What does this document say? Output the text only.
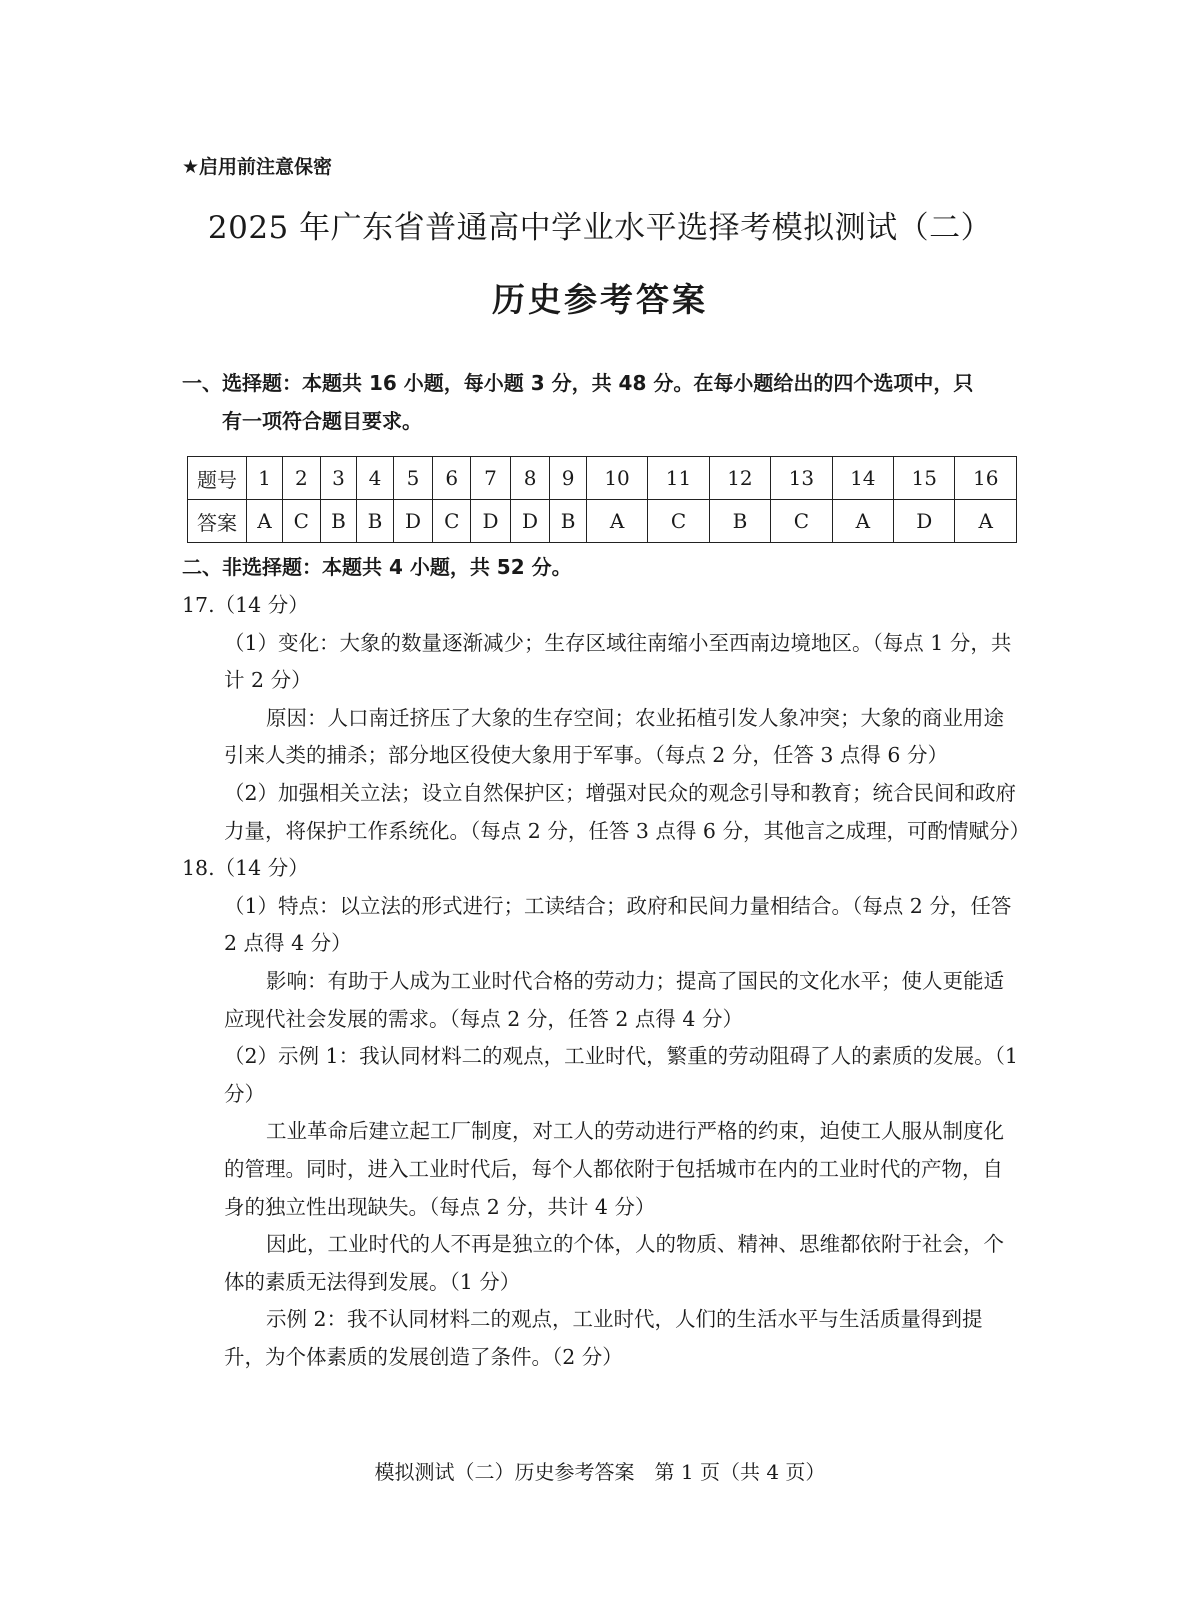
★启用前注意保密
2025 年广东省普通高中学业水平选择考模拟测试（二）
历史参考答案
一、选择题：本题共 16 小题，每小题 3 分，共 48 分。在每小题给出的四个选项中，只
有一项符合题目要求。
题号	1	2	3	4	5	6	7	8	9	10	11	12	13	14	15	16
答案	A	C	B	B	D	C	D	D	B	A	C	B	C	A	D	A
二、非选择题：本题共 4 小题，共 52 分。

17.（14 分）

（1）变化：大象的数量逐渐减少；生存区域往南缩小至西南边境地区。（每点 1 分，共计 2 分）

原因：人口南迁挤压了大象的生存空间；农业拓植引发人象冲突；大象的商业用途引来人类的捕杀；部分地区役使大象用于军事。（每点 2 分，任答 3 点得 6 分）

（2）加强相关立法；设立自然保护区；增强对民众的观念引导和教育；统合民间和政府力量，将保护工作系统化。（每点 2 分，任答 3 点得 6 分，其他言之成理，可酌情赋分）

18.（14 分）

（1）特点：以立法的形式进行；工读结合；政府和民间力量相结合。（每点 2 分，任答 2 点得 4 分）

影响：有助于人成为工业时代合格的劳动力；提高了国民的文化水平；使人更能适应现代社会发展的需求。（每点 2 分，任答 2 点得 4 分）

（2）示例 1：我认同材料二的观点，工业时代，繁重的劳动阻碍了人的素质的发展。（1 分）

工业革命后建立起工厂制度，对工人的劳动进行严格的约束，迫使工人服从制度化的管理。同时，进入工业时代后，每个人都依附于包括城市在内的工业时代的产物，自身的独立性出现缺失。（每点 2 分，共计 4 分）

因此，工业时代的人不再是独立的个体，人的物质、精神、思维都依附于社会，个体的素质无法得到发展。（1 分）

示例 2：我不认同材料二的观点，工业时代，人们的生活水平与生活质量得到提升，为个体素质的发展创造了条件。（2 分）

模拟测试（二）历史参考答案　第 1 页（共 4 页）
